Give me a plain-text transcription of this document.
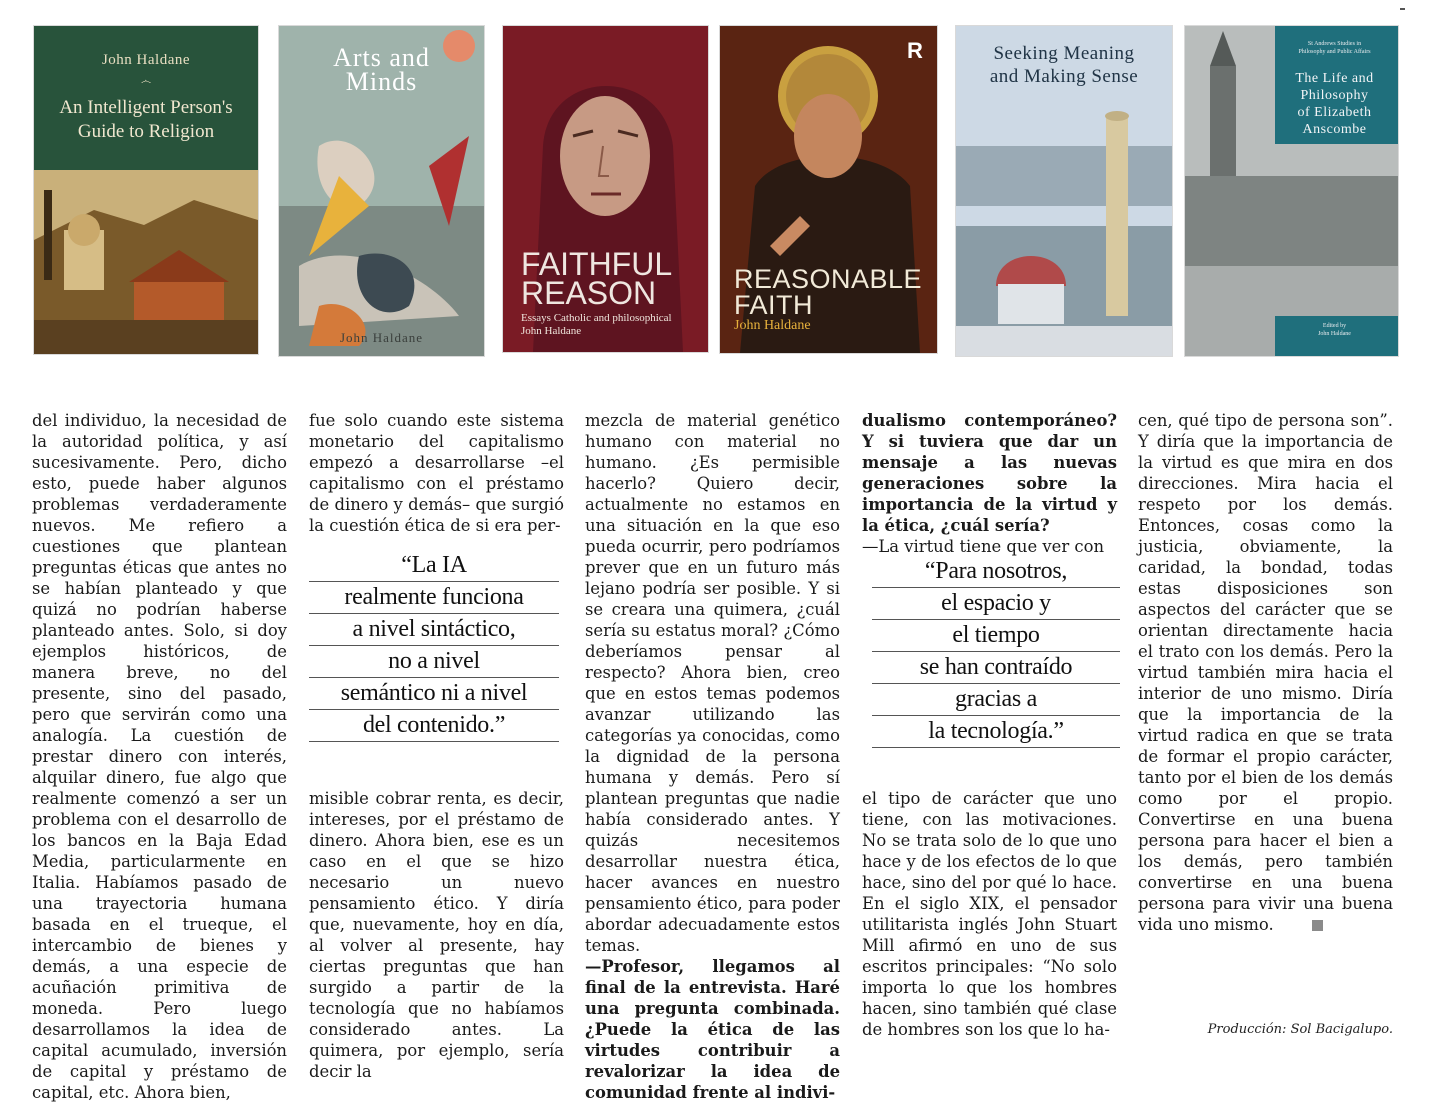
John Haldane
෴
An Intelligent Person's Guide to Religion
Arts and
Minds
John Haldane
FAITHFUL
REASON
Essays Catholic and philosophical
John Haldane
R
REASONABLE
FAITH
John Haldane
Seeking Meaning
and Making Sense
St Andrews Studies in
Philosophy and Public Affairs
The Life and
Philosophy
of Elizabeth
Anscombe
Edited by
John Haldane

del individuo, la necesidad de la autoridad política, y así sucesivamente. Pero, dicho esto, puede haber algunos problemas verdaderamente nuevos. Me refiero a cuestiones que plantean preguntas éticas que antes no se habían planteado y que quizá no podrían haberse planteado antes. Solo, si doy ejemplos históricos, de manera breve, no del presente, sino del pasado, pero que servirán como una analogía. La cuestión de prestar dinero con interés, alquilar dinero, fue algo que realmente comenzó a ser un problema con el desarrollo de los bancos en la Baja Edad Media, particularmente en Italia. Habíamos pasado de una trayectoria humana basada en el trueque, el intercambio de bienes y demás, a una especie de acuñación primitiva de moneda. Pero luego desarrollamos la idea de capital acumulado, inversión de capital y préstamo de capital, etc. Ahora bien,

fue solo cuando este sistema monetario del capitalismo empezó a desarrollarse –el capitalismo con el préstamo de dinero y demás– que surgió la cuestión ética de si era per-

“La IA
realmente funciona
a nivel sintáctico,
no a nivel
semántico ni a nivel
del contenido.”

misible cobrar renta, es decir, intereses, por el préstamo de dinero. Ahora bien, ese es un caso en el que se hizo necesario un nuevo pensamiento ético. Y diría que, nuevamente, hoy en día, al volver al presente, hay ciertas preguntas que han surgido a partir de la tecnología que no habíamos considerado antes. La quimera, por ejemplo, sería decir la

mezcla de material genético humano con material no humano. ¿Es permisible hacerlo? Quiero decir, actualmente no estamos en una situación en la que eso pueda ocurrir, pero podríamos prever que en un futuro más lejano podría ser posible. Y si se creara una quimera, ¿cuál sería su estatus moral? ¿Cómo deberíamos pensar al respecto? Ahora bien, creo que en estos temas podemos avanzar utilizando las categorías ya conocidas, como la dignidad de la persona humana y demás. Pero sí plantean preguntas que nadie había considerado antes. Y quizás necesitemos desarrollar nuestra ética, hacer avances en nuestro pensamiento ético, para poder abordar adecuadamente estos temas.

—Profesor, llegamos al final de la entrevista. Haré una pregunta combinada. ¿Puede la ética de las virtudes contribuir a revalorizar la idea de comunidad frente al indivi-

dualismo contemporáneo? Y si tuviera que dar un mensaje a las nuevas generaciones sobre la importancia de la virtud y la ética, ¿cuál sería?

—La virtud tiene que ver con

“Para nosotros,
el espacio y
el tiempo
se han contraído
gracias a
la tecnología.”

el tipo de carácter que uno tiene, con las motivaciones. No se trata solo de lo que uno hace y de los efectos de lo que hace, sino del por qué lo hace. En el siglo XIX, el pensador utilitarista inglés John Stuart Mill afirmó en uno de sus escritos principales: “No solo importa lo que los hombres hacen, sino también qué clase de hombres son los que lo ha-

cen, qué tipo de persona son”. Y diría que la importancia de la virtud es que mira en dos direcciones. Mira hacia el respeto por los demás. Entonces, cosas como la justicia, obviamente, la caridad, la bondad, todas estas disposiciones son aspectos del carácter que se orientan directamente hacia el trato con los demás. Pero la virtud también mira hacia el interior de uno mismo. Diría que la importancia de la virtud radica en que se trata de formar el propio carácter, tanto por el bien de los demás como por el propio. Convertirse en una buena persona para hacer el bien a los demás, pero también convertirse en una buena persona para vivir una buena vida uno mismo.

Producción: Sol Bacigalupo.
